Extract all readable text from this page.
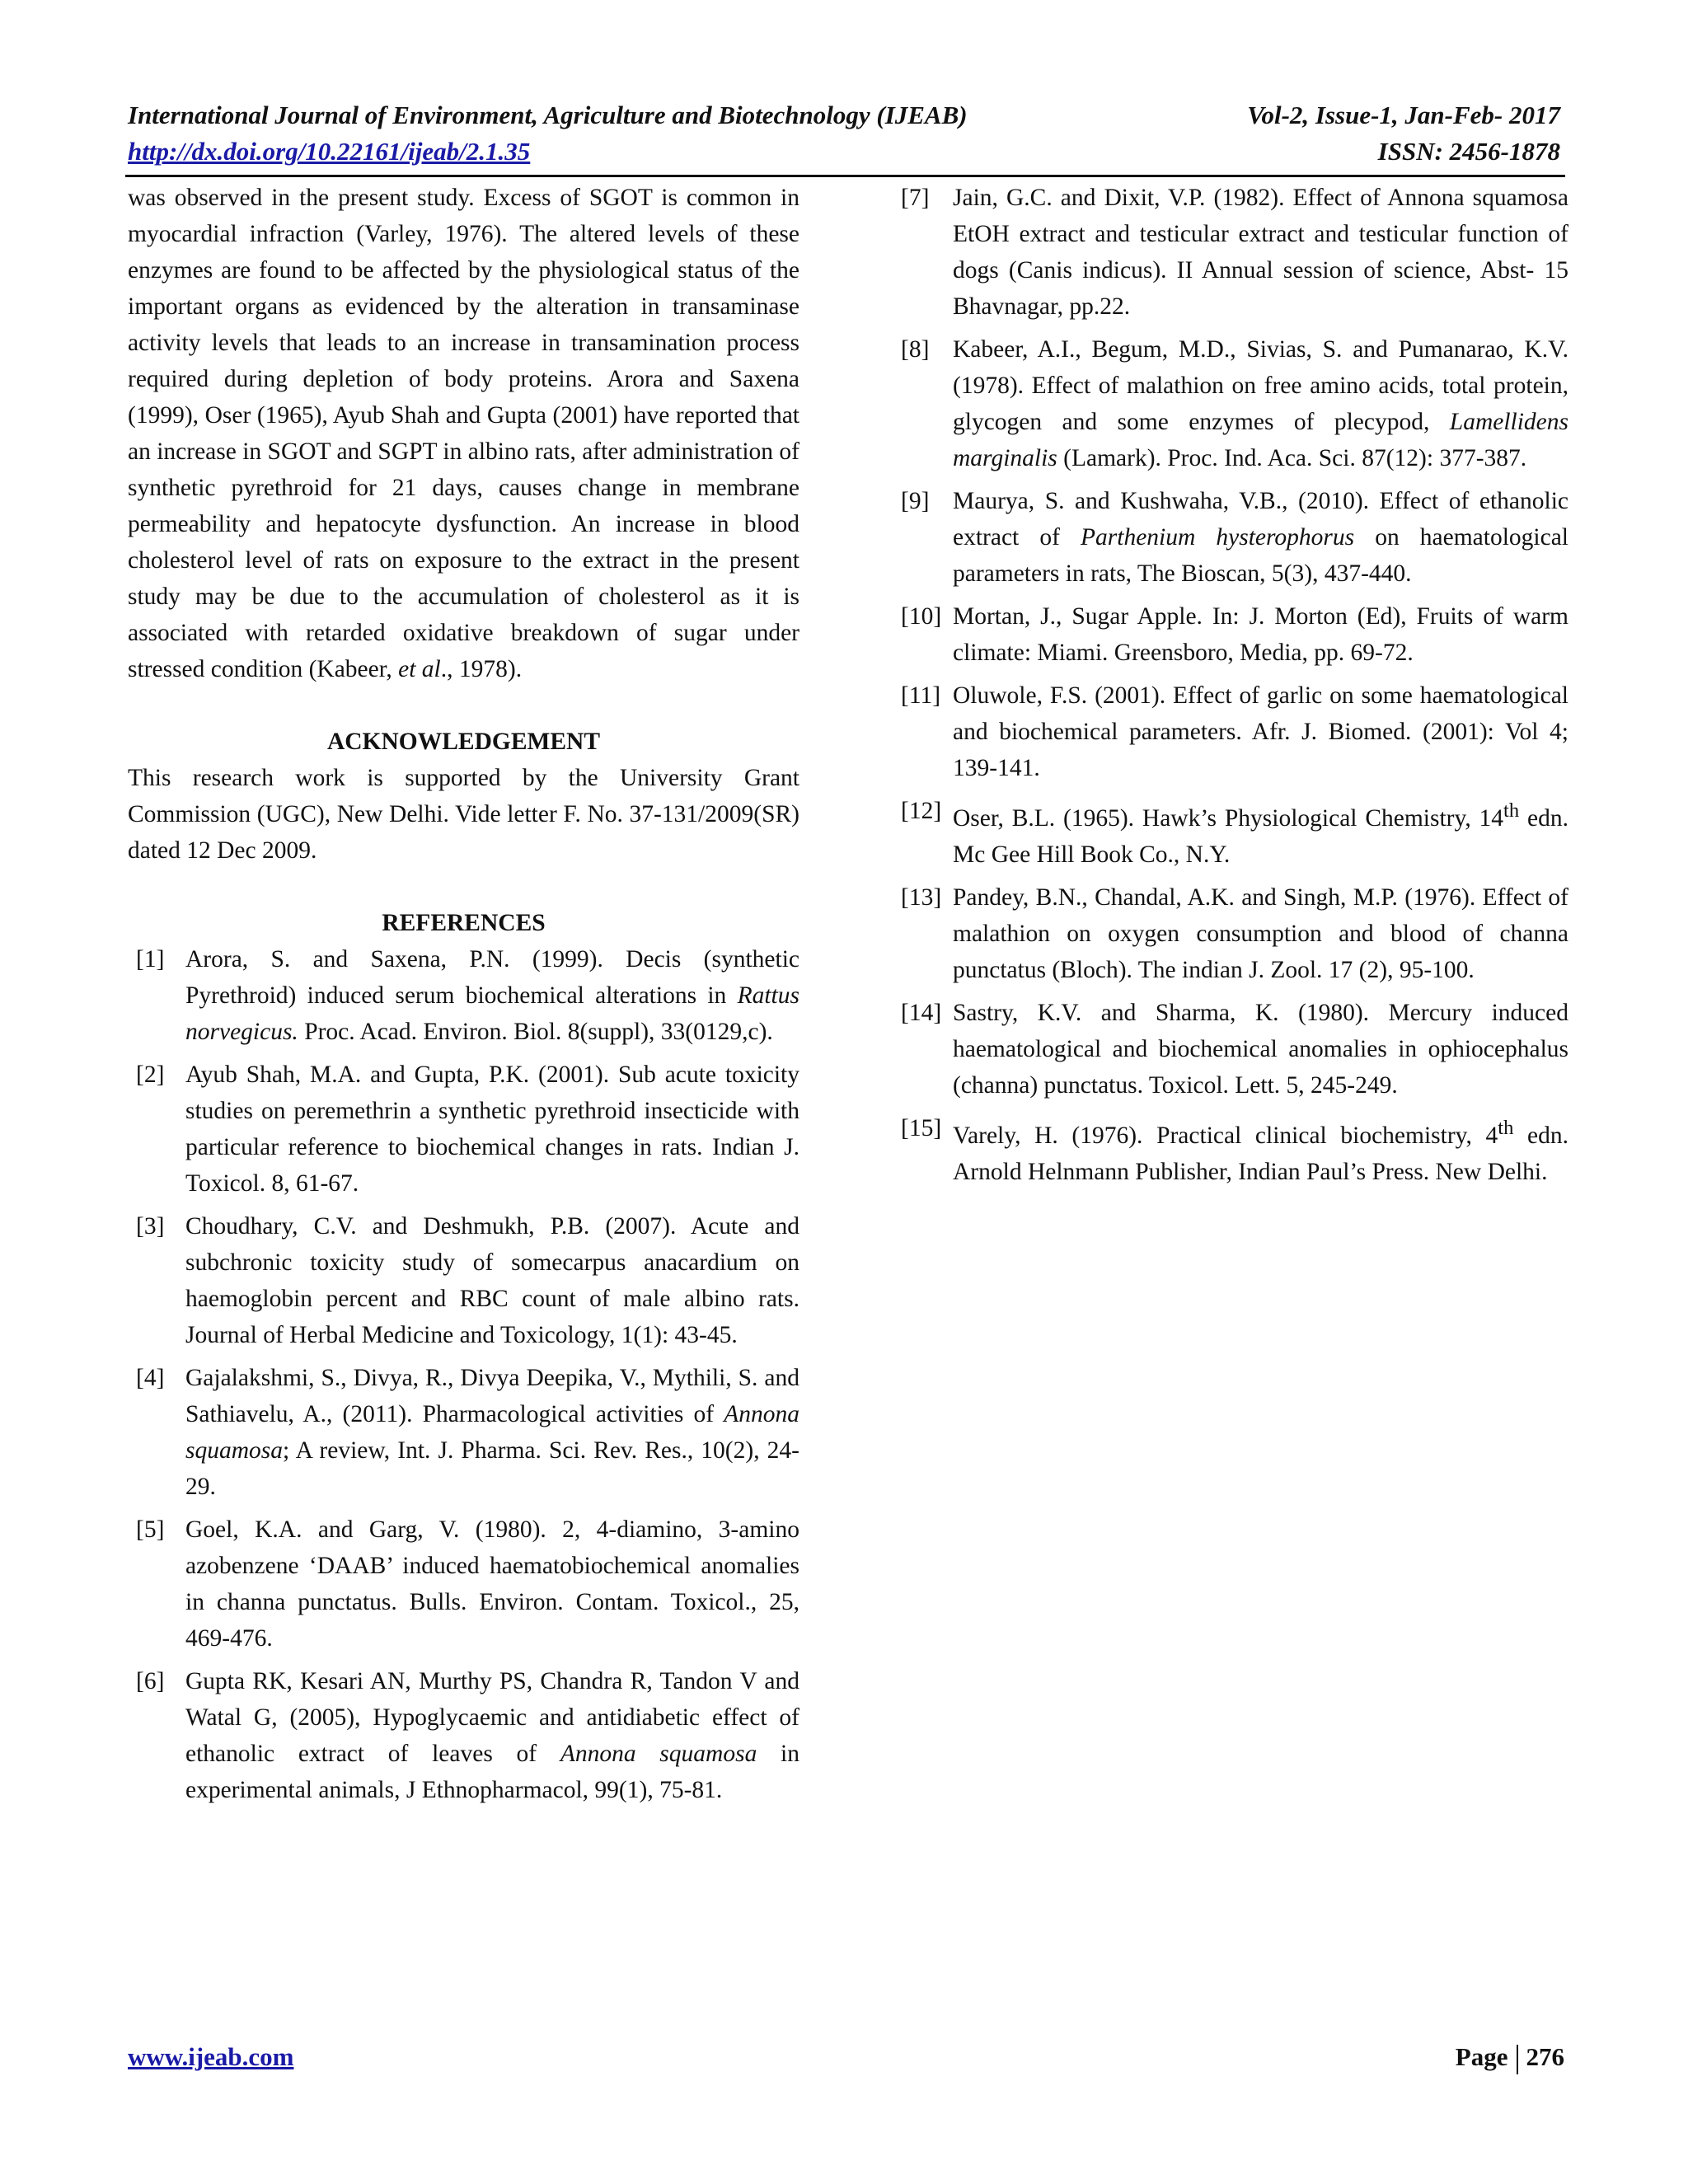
International Journal of Environment, Agriculture and Biotechnology (IJEAB)
http://dx.doi.org/10.22161/ijeab/2.1.35
Vol-2, Issue-1, Jan-Feb- 2017
ISSN: 2456-1878

was observed in the present study. Excess of SGOT is common in myocardial infraction (Varley, 1976). The altered levels of these enzymes are found to be affected by the physiological status of the important organs as evidenced by the alteration in transaminase activity levels that leads to an increase in transamination process required during depletion of body proteins. Arora and Saxena (1999), Oser (1965), Ayub Shah and Gupta (2001) have reported that an increase in SGOT and SGPT in albino rats, after administration of synthetic pyrethroid for 21 days, causes change in membrane permeability and hepatocyte dysfunction. An increase in blood cholesterol level of rats on exposure to the extract in the present study may be due to the accumulation of cholesterol as it is associated with retarded oxidative breakdown of sugar under stressed condition (Kabeer, et al., 1978).

ACKNOWLEDGEMENT

This research work is supported by the University Grant Commission (UGC), New Delhi. Vide letter F. No. 37-131/2009(SR) dated 12 Dec 2009.

REFERENCES
[1] Arora, S. and Saxena, P.N. (1999). Decis (synthetic Pyrethroid) induced serum biochemical alterations in Rattus norvegicus. Proc. Acad. Environ. Biol. 8(suppl), 33(0129,c).
[2] Ayub Shah, M.A. and Gupta, P.K. (2001). Sub acute toxicity studies on peremethrin a synthetic pyrethroid insecticide with particular reference to biochemical changes in rats. Indian J. Toxicol. 8, 61-67.
[3] Choudhary, C.V. and Deshmukh, P.B. (2007). Acute and subchronic toxicity study of somecarpus anacardium on haemoglobin percent and RBC count of male albino rats. Journal of Herbal Medicine and Toxicology, 1(1): 43-45.
[4] Gajalakshmi, S., Divya, R., Divya Deepika, V., Mythili, S. and Sathiavelu, A., (2011). Pharmacological activities of Annona squamosa; A review, Int. J. Pharma. Sci. Rev. Res., 10(2), 24-29.
[5] Goel, K.A. and Garg, V. (1980). 2, 4-diamino, 3-amino azobenzene ‘DAAB’ induced haematobiochemical anomalies in channa punctatus. Bulls. Environ. Contam. Toxicol., 25, 469-476.
[6] Gupta RK, Kesari AN, Murthy PS, Chandra R, Tandon V and Watal G, (2005), Hypoglycaemic and antidiabetic effect of ethanolic extract of leaves of Annona squamosa in experimental animals, J Ethnopharmacol, 99(1), 75-81.
[7] Jain, G.C. and Dixit, V.P. (1982). Effect of Annona squamosa EtOH extract and testicular extract and testicular function of dogs (Canis indicus). II Annual session of science, Abst- 15 Bhavnagar, pp.22.
[8] Kabeer, A.I., Begum, M.D., Sivias, S. and Pumanarao, K.V. (1978). Effect of malathion on free amino acids, total protein, glycogen and some enzymes of plecypod, Lamellidens marginalis (Lamark). Proc. Ind. Aca. Sci. 87(12): 377-387.
[9] Maurya, S. and Kushwaha, V.B., (2010). Effect of ethanolic extract of Parthenium hysterophorus on haematological parameters in rats, The Bioscan, 5(3), 437-440.
[10] Mortan, J., Sugar Apple. In: J. Morton (Ed), Fruits of warm climate: Miami. Greensboro, Media, pp. 69-72.
[11] Oluwole, F.S. (2001). Effect of garlic on some haematological and biochemical parameters. Afr. J. Biomed. (2001): Vol 4; 139-141.
[12] Oser, B.L. (1965). Hawk’s Physiological Chemistry, 14th edn. Mc Gee Hill Book Co., N.Y.
[13] Pandey, B.N., Chandal, A.K. and Singh, M.P. (1976). Effect of malathion on oxygen consumption and blood of channa punctatus (Bloch). The indian J. Zool. 17 (2), 95-100.
[14] Sastry, K.V. and Sharma, K. (1980). Mercury induced haematological and biochemical anomalies in ophiocephalus (channa) punctatus. Toxicol. Lett. 5, 245-249.
[15] Varely, H. (1976). Practical clinical biochemistry, 4th edn. Arnold Helnmann Publisher, Indian Paul’s Press. New Delhi.
www.ijeab.com	Page 276
